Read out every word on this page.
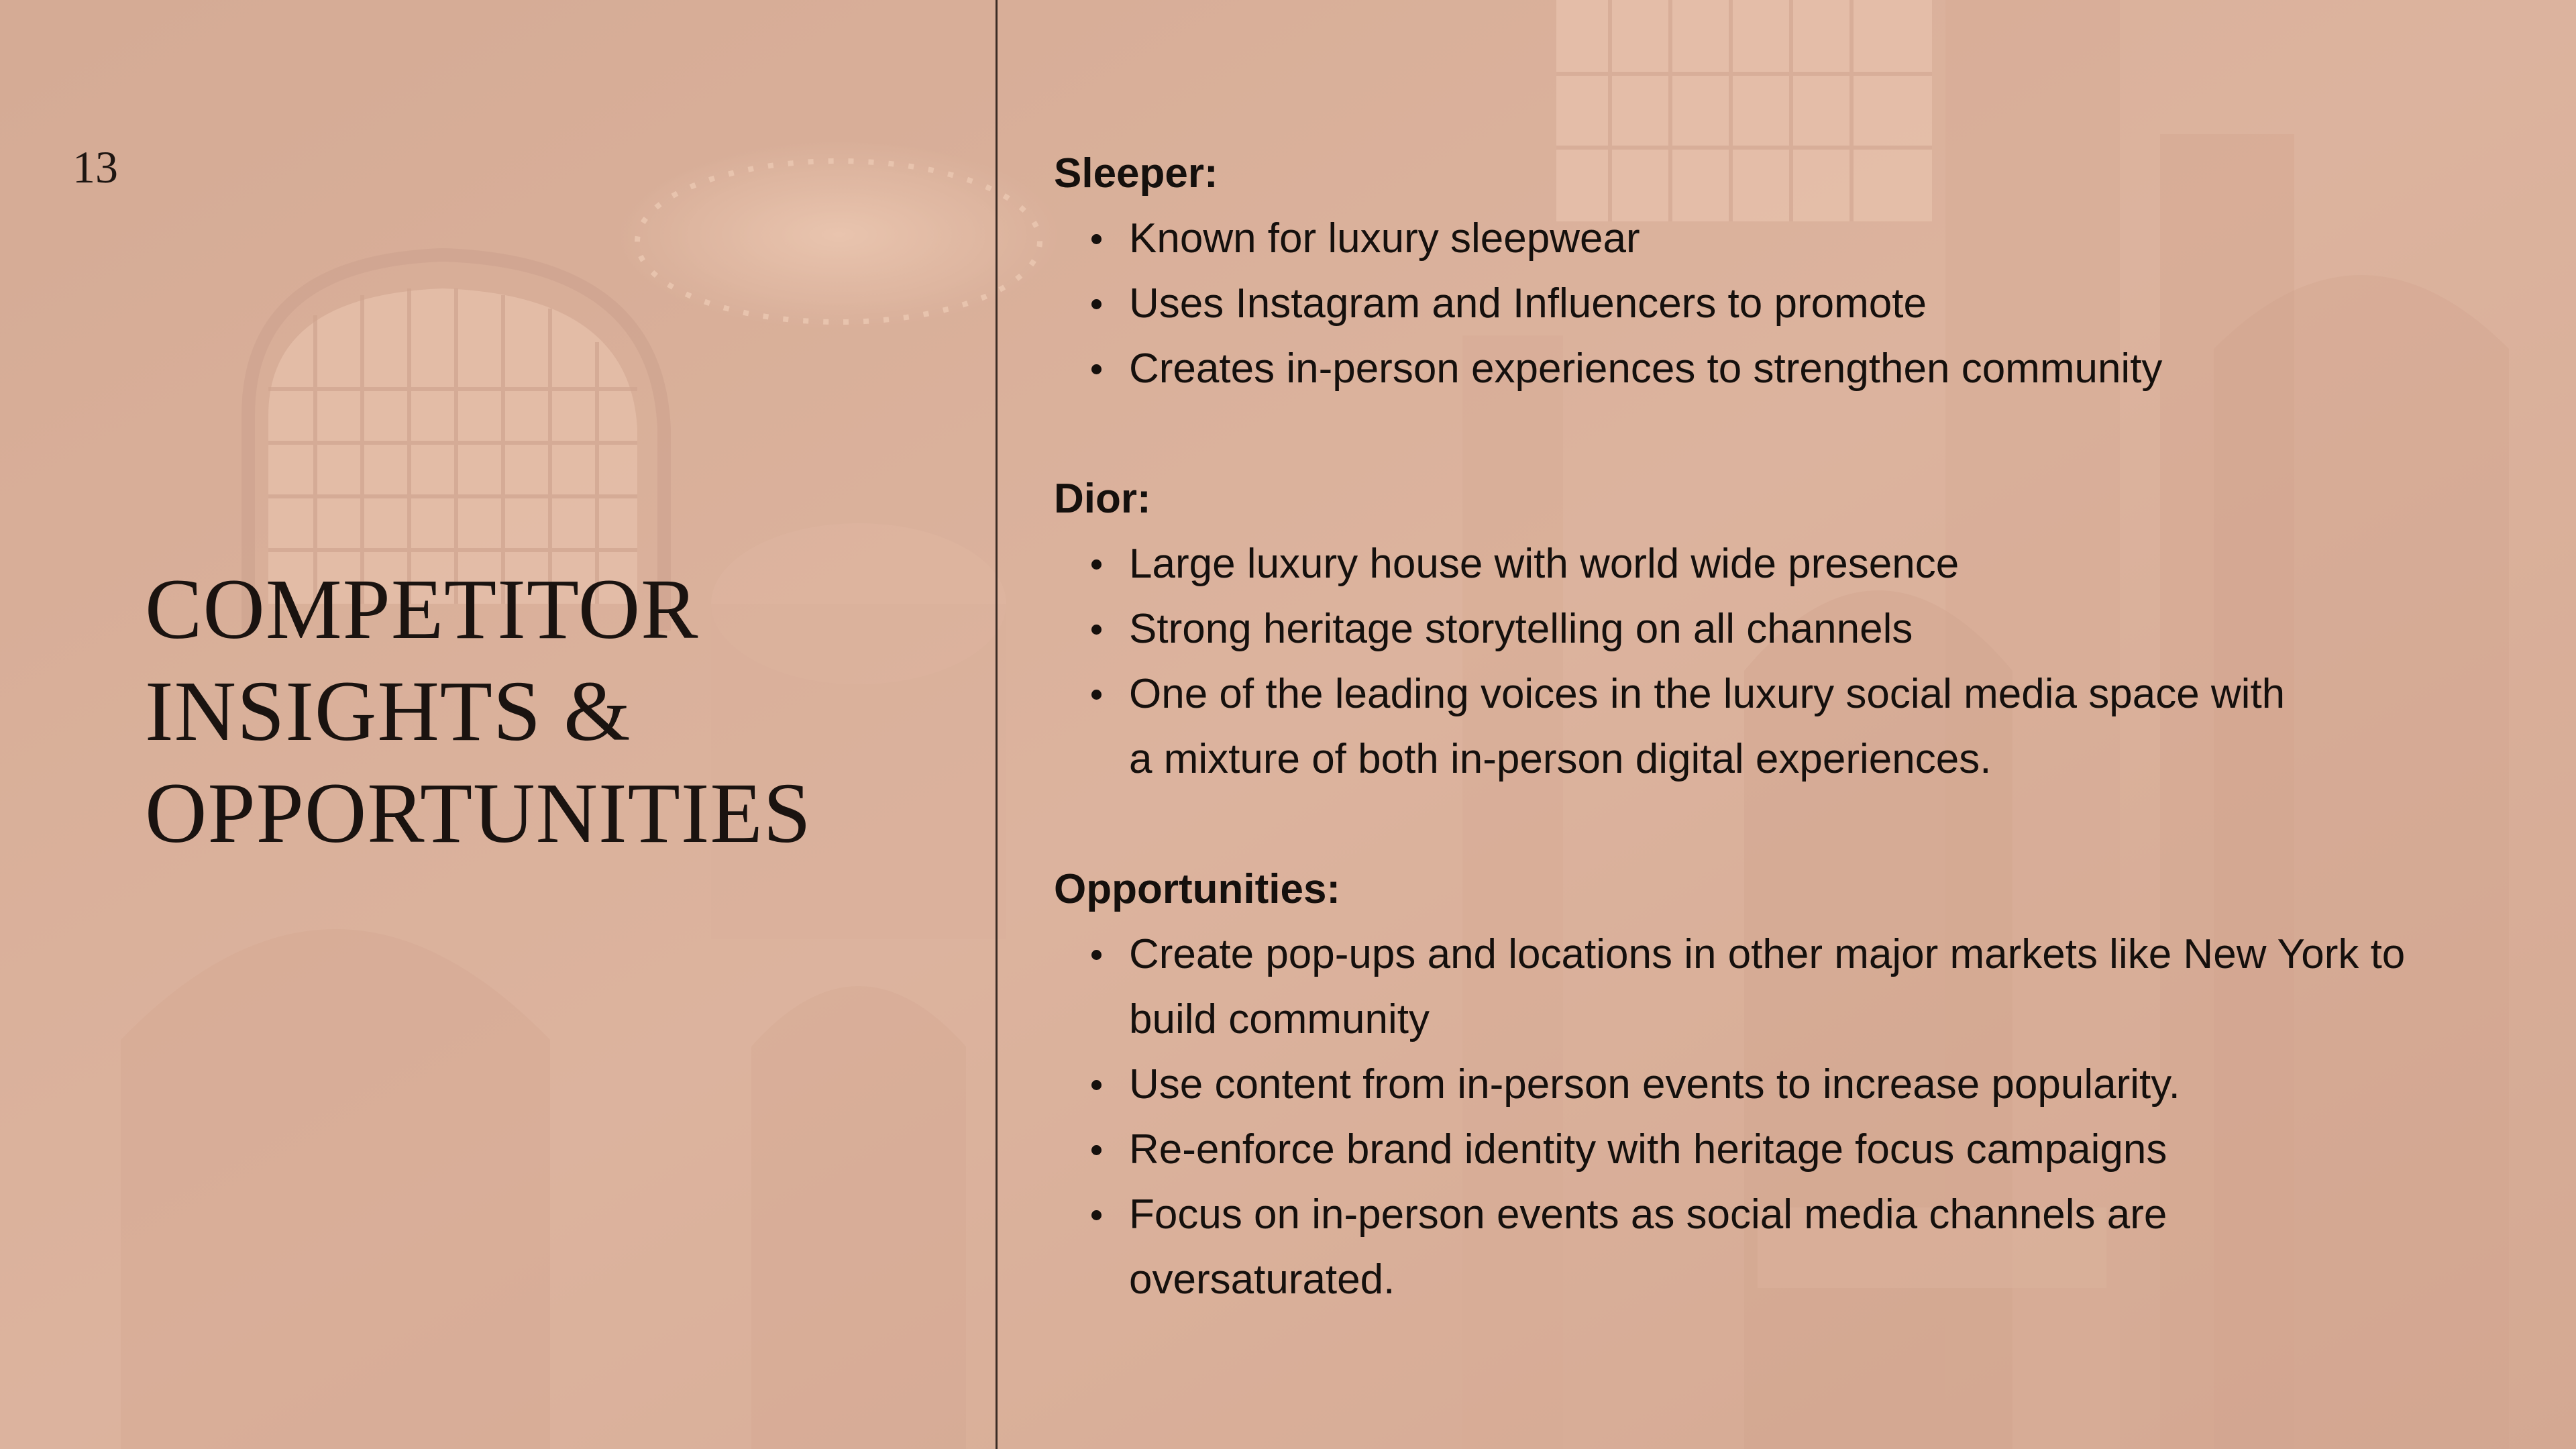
13
COMPETITOR
INSIGHTS &
OPPORTUNITIES

Sleeper:

Known for luxury sleepwear
Uses Instagram and Influencers to promote
Creates in-person experiences to strengthen community

Dior:

Large luxury house with world wide presence
Strong heritage storytelling on all channels
One of the leading voices in the luxury social media space with a mixture of both in-person digital experiences.

Opportunities:

Create pop-ups and locations in other major markets like New York to build community
Use content from in-person events to increase popularity.
Re-enforce brand identity with heritage focus campaigns
Focus on in-person events as social media channels are oversaturated.
